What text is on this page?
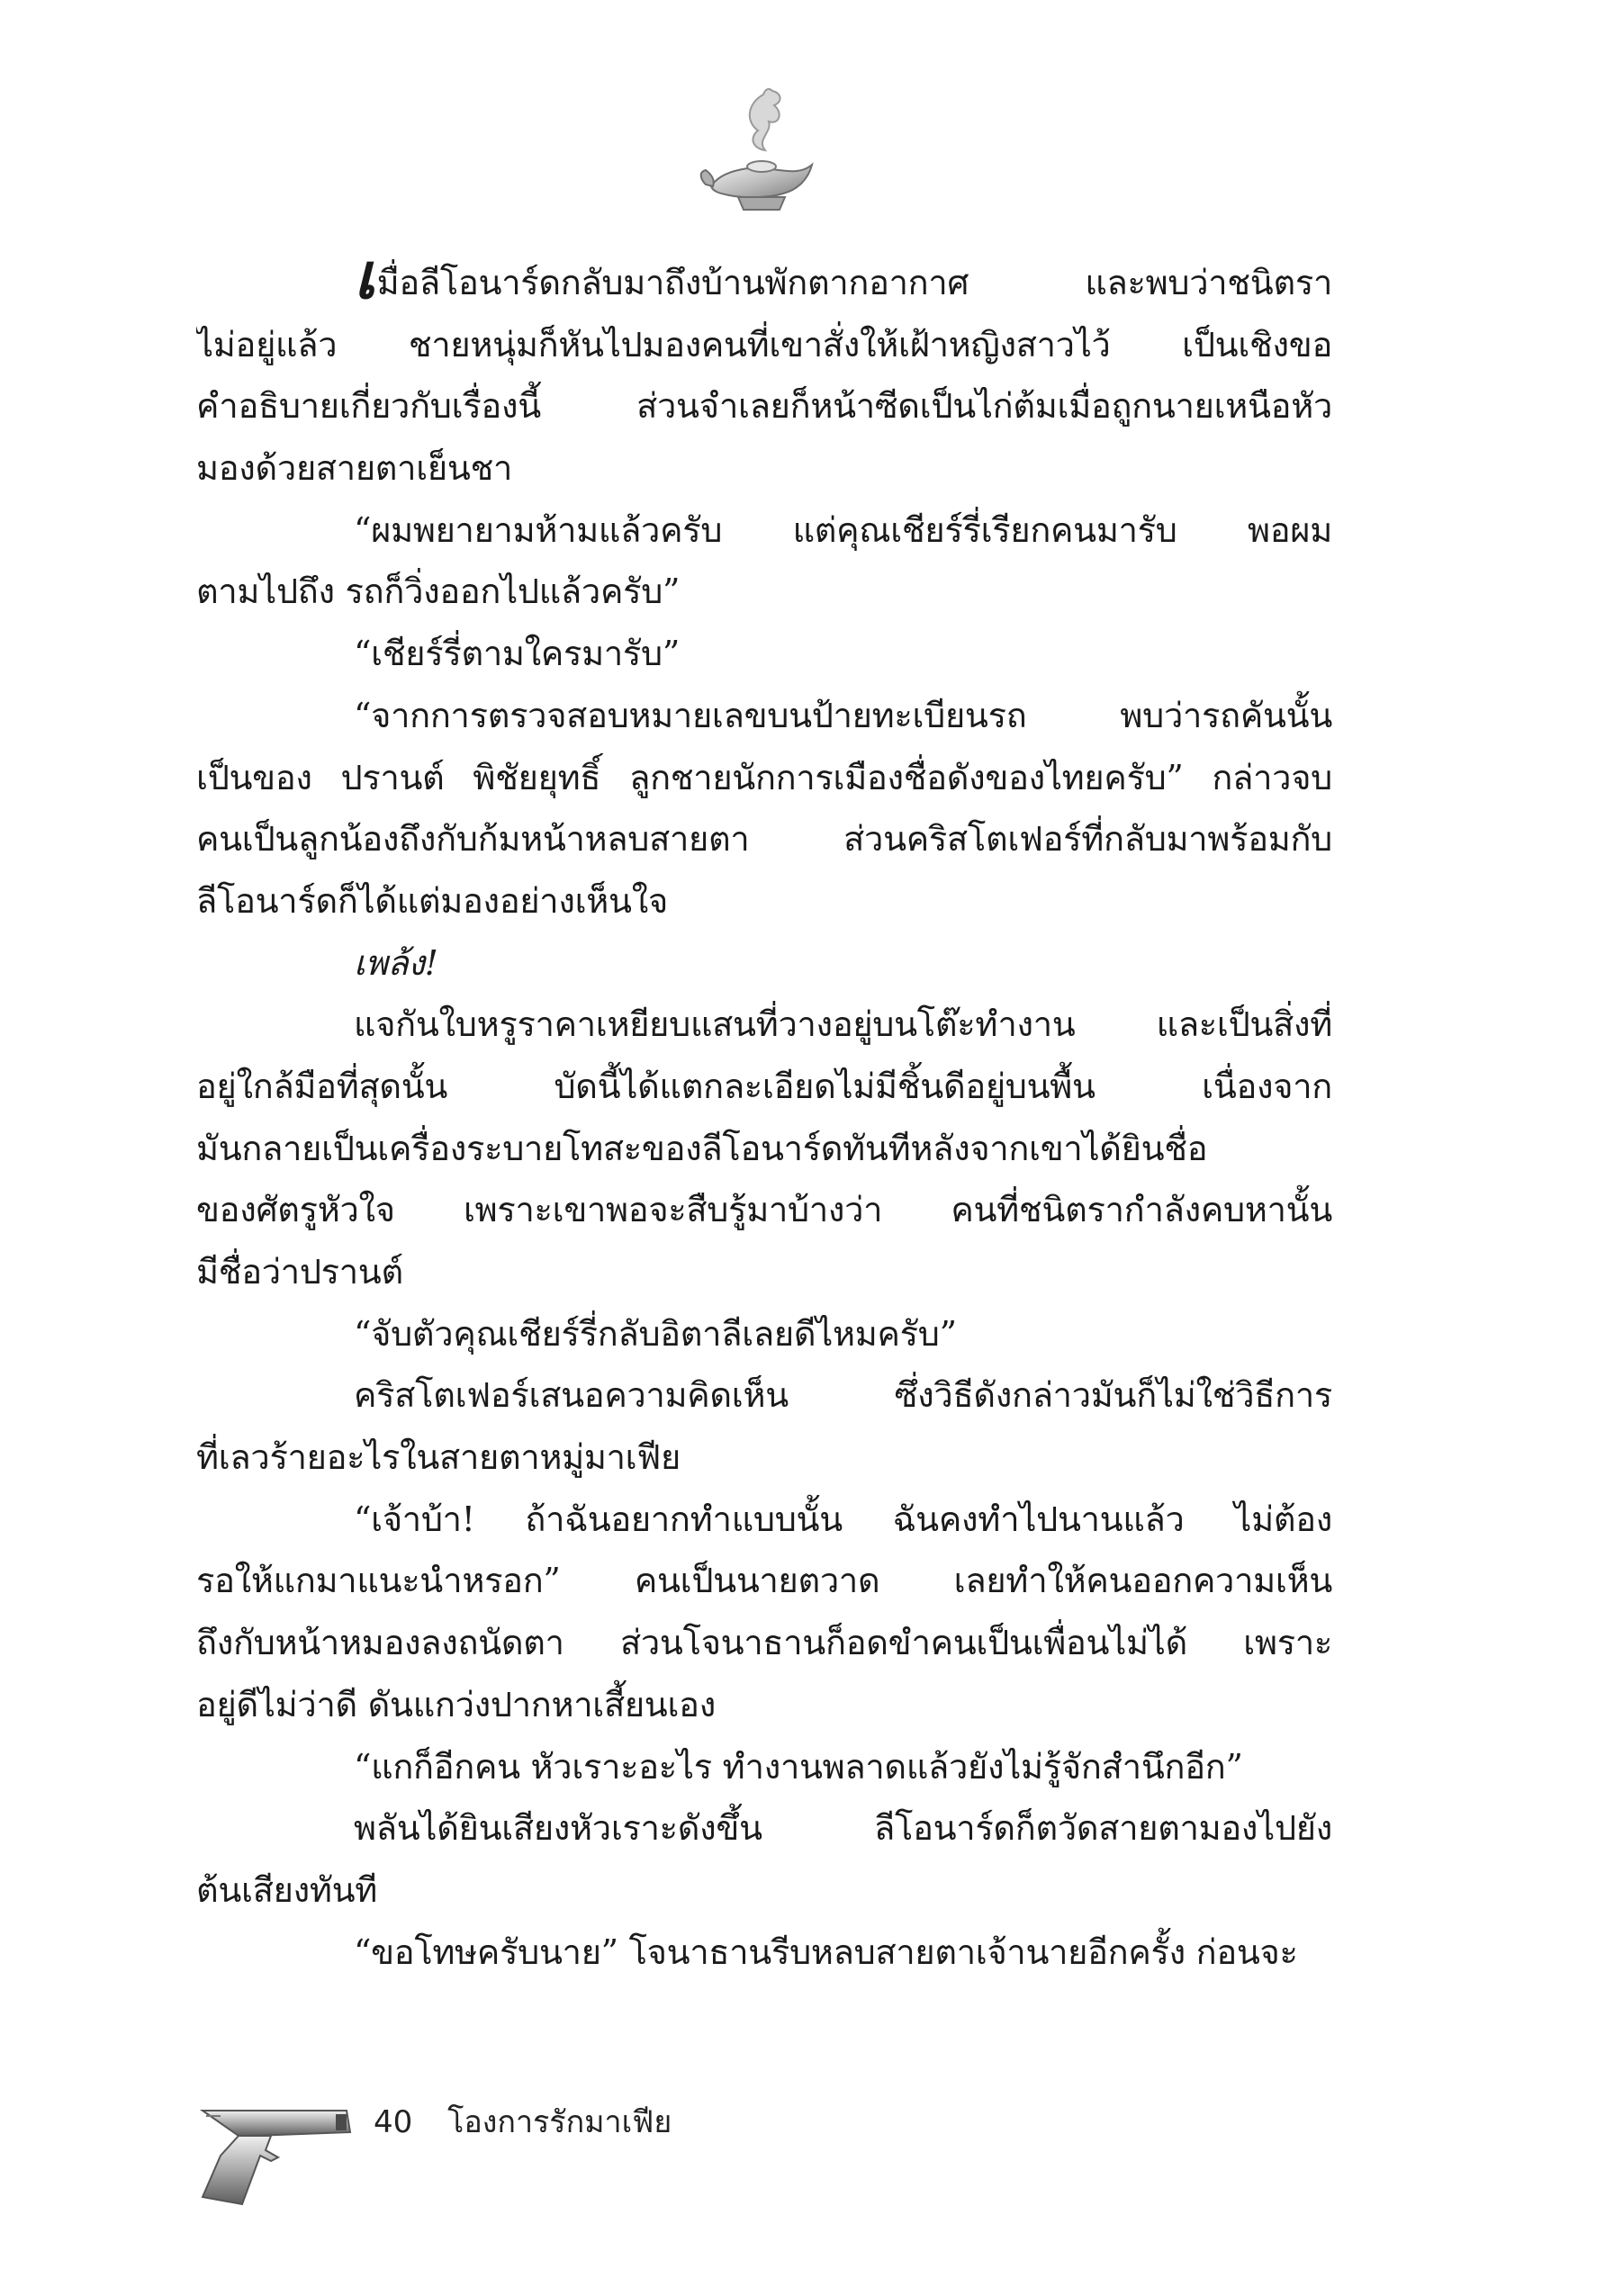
เมื่อลีโอนาร์ดกลับมาถึงบ้านพักตากอากาศ และพบว่าชนิตรา
ไม่อยู่แล้ว ชายหนุ่มก็หันไปมองคนที่เขาสั่งให้เฝ้าหญิงสาวไว้ เป็นเชิงขอ
คำอธิบายเกี่ยวกับเรื่องนี้ ส่วนจำเลยก็หน้าซีดเป็นไก่ต้มเมื่อถูกนายเหนือหัว
มองด้วยสายตาเย็นชา
“ผมพยายามห้ามแล้วครับ แต่คุณเชียร์รี่เรียกคนมารับ พอผม
ตามไปถึง รถก็วิ่งออกไปแล้วครับ”
“เชียร์รี่ตามใครมารับ”
“จากการตรวจสอบหมายเลขบนป้ายทะเบียนรถ พบว่ารถคันนั้น
เป็นของ ปรานต์ พิชัยยุทธิ์ ลูกชายนักการเมืองชื่อดังของไทยครับ” กล่าวจบ
คนเป็นลูกน้องถึงกับก้มหน้าหลบสายตา ส่วนคริสโตเฟอร์ที่กลับมาพร้อมกับ
ลีโอนาร์ดก็ได้แต่มองอย่างเห็นใจ
เพล้ง!
แจกันใบหรูราคาเหยียบแสนที่วางอยู่บนโต๊ะทำงาน และเป็นสิ่งที่
อยู่ใกล้มือที่สุดนั้น บัดนี้ได้แตกละเอียดไม่มีชิ้นดีอยู่บนพื้น เนื่องจาก
มันกลายเป็นเครื่องระบายโทสะของลีโอนาร์ดทันทีหลังจากเขาได้ยินชื่อ
ของศัตรูหัวใจ เพราะเขาพอจะสืบรู้มาบ้างว่า คนที่ชนิตรากำลังคบหานั้น
มีชื่อว่าปรานต์
“จับตัวคุณเชียร์รี่กลับอิตาลีเลยดีไหมครับ”
คริสโตเฟอร์เสนอความคิดเห็น ซึ่งวิธีดังกล่าวมันก็ไม่ใช่วิธีการ
ที่เลวร้ายอะไรในสายตาหมู่มาเฟีย
“เจ้าบ้า! ถ้าฉันอยากทำแบบนั้น ฉันคงทำไปนานแล้ว ไม่ต้อง
รอให้แกมาแนะนำหรอก” คนเป็นนายตวาด เลยทำให้คนออกความเห็น
ถึงกับหน้าหมองลงถนัดตา ส่วนโจนาธานก็อดขำคนเป็นเพื่อนไม่ได้ เพราะ
อยู่ดีไม่ว่าดี ดันแกว่งปากหาเสี้ยนเอง
“แกก็อีกคน หัวเราะอะไร ทำงานพลาดแล้วยังไม่รู้จักสำนึกอีก”
พลันได้ยินเสียงหัวเราะดังขึ้น ลีโอนาร์ดก็ตวัดสายตามองไปยัง
ต้นเสียงทันที
“ขอโทษครับนาย” โจนาธานรีบหลบสายตาเจ้านายอีกครั้ง ก่อนจะ
40 โองการรักมาเฟีย
